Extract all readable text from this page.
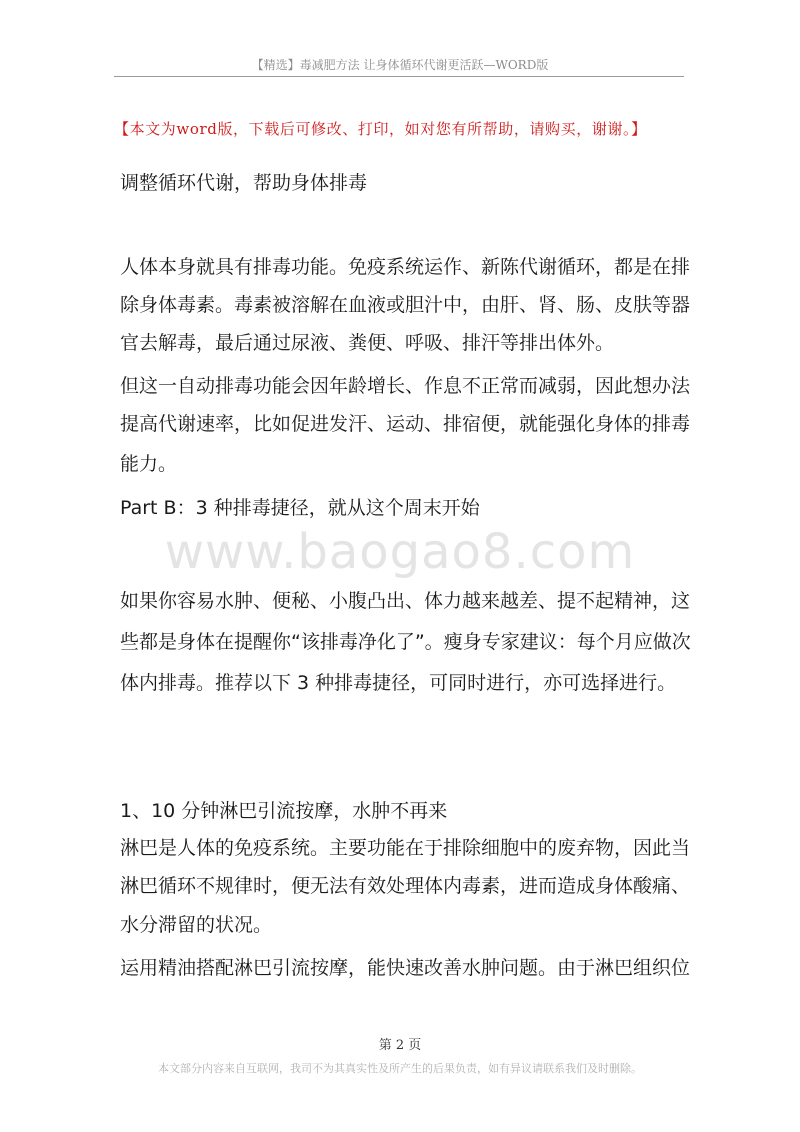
【精选】毒减肥方法 让身体循环代谢更活跃—WORD版
【本文为word版，下载后可修改、打印，如对您有所帮助，请购买，谢谢。】
调整循环代谢，帮助身体排毒
人体本身就具有排毒功能。免疫系统运作、新陈代谢循环，都是在排
除身体毒素。毒素被溶解在血液或胆汁中，由肝、肾、肠、皮肤等器
官去解毒，最后通过尿液、粪便、呼吸、排汗等排出体外。
但这一自动排毒功能会因年龄增长、作息不正常而减弱，因此想办法
提高代谢速率，比如促进发汗、运动、排宿便，就能强化身体的排毒
能力。
Part B：3 种排毒捷径，就从这个周末开始
www.baogao8.com
如果你容易水肿、便秘、小腹凸出、体力越来越差、提不起精神，这
些都是身体在提醒你“该排毒净化了”。瘦身专家建议：每个月应做次
体内排毒。推荐以下 3 种排毒捷径，可同时进行，亦可选择进行。
1、10 分钟淋巴引流按摩，水肿不再来
淋巴是人体的免疫系统。主要功能在于排除细胞中的废弃物，因此当
淋巴循环不规律时，便无法有效处理体内毒素，进而造成身体酸痛、
水分滞留的状况。
运用精油搭配淋巴引流按摩，能快速改善水肿问题。由于淋巴组织位
第 2 页
本文部分内容来自互联网，我司不为其真实性及所产生的后果负责，如有异议请联系我们及时删除。
